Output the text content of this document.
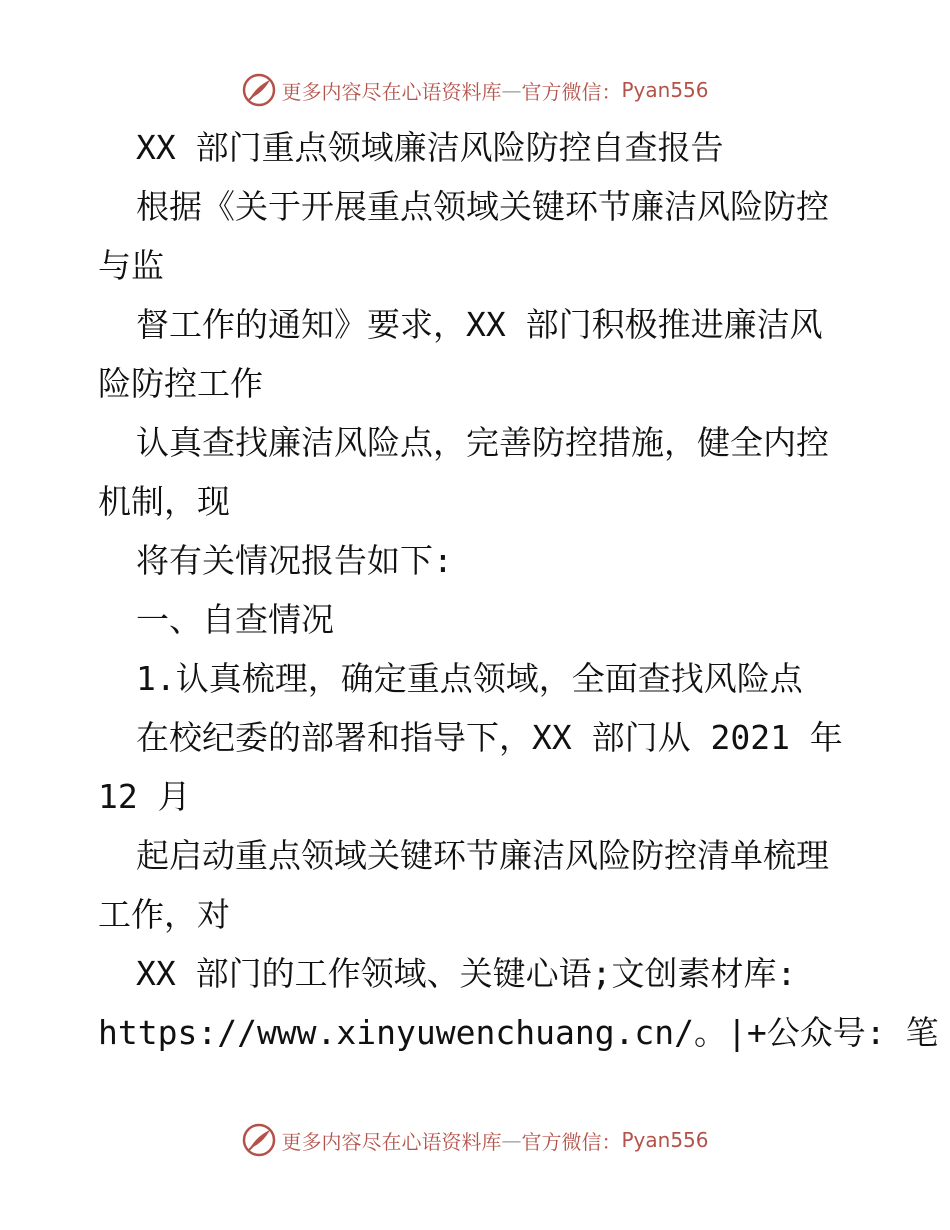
更多内容尽在心语资料库 — 官方微信： Pyan556
XX 部门重点领域廉洁风险防控自查报告
根据《关于开展重点领域关键环节廉洁风险防控
与监
督工作的通知》要求，XX 部门积极推进廉洁风
险防控工作
认真查找廉洁风险点，完善防控措施，健全内控
机制，现
将有关情况报告如下:
一、自查情况
1.认真梳理，确定重点领域，全面查找风险点
在校纪委的部署和指导下，XX 部门从 2021 年
12 月
起启动重点领域关键环节廉洁风险防控清单梳理
工作，对
XX 部门的工作领域、关键心语;文创素材库:
https://www.xinyuwenchuang.cn/。|+公众号: 笔
更多内容尽在心语资料库 — 官方微信： Pyan556
